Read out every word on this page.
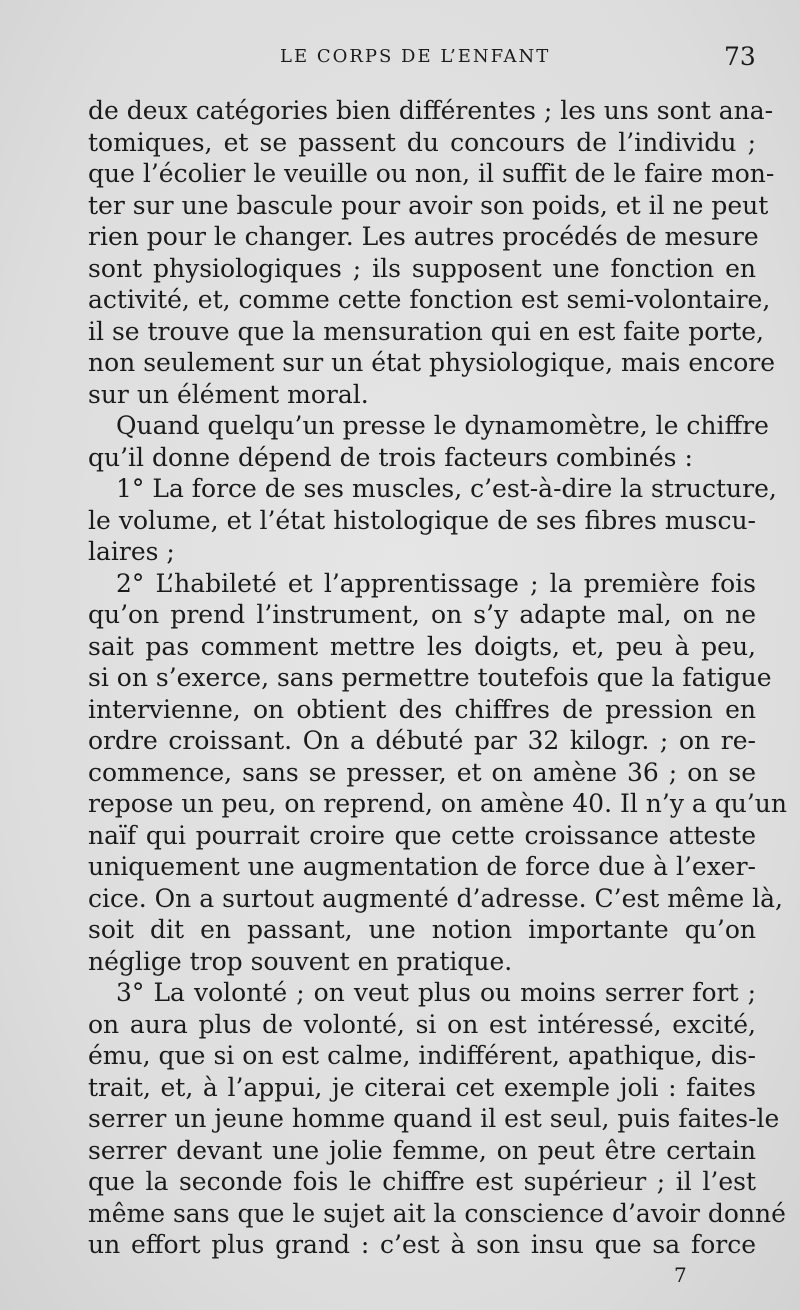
LE CORPS DE L’ENFANT	73
de deux catégories bien différentes ; les uns sont ana-
tomiques, et se passent du concours de l’individu ;
que l’écolier le veuille ou non, il suffit de le faire mon-
ter sur une bascule pour avoir son poids, et il ne peut
rien pour le changer. Les autres procédés de mesure
sont physiologiques ; ils supposent une fonction en
activité, et, comme cette fonction est semi-volontaire,
il se trouve que la mensuration qui en est faite porte,
non seulement sur un état physiologique, mais encore
sur un élément moral.
Quand quelqu’un presse le dynamomètre, le chiffre
qu’il donne dépend de trois facteurs combinés :
1° La force de ses muscles, c’est-à-dire la structure,
le volume, et l’état histologique de ses fibres muscu-
laires ;
2° L’habileté et l’apprentissage ; la première fois
qu’on prend l’instrument, on s’y adapte mal, on ne
sait pas comment mettre les doigts, et, peu à peu,
si on s’exerce, sans permettre toutefois que la fatigue
intervienne, on obtient des chiffres de pression en
ordre croissant. On a débuté par 32 kilogr. ; on re-
commence, sans se presser, et on amène 36 ; on se
repose un peu, on reprend, on amène 40. Il n’y a qu’un
naïf qui pourrait croire que cette croissance atteste
uniquement une augmentation de force due à l’exer-
cice. On a surtout augmenté d’adresse. C’est même là,
soit dit en passant, une notion importante qu’on
néglige trop souvent en pratique.
3° La volonté ; on veut plus ou moins serrer fort ;
on aura plus de volonté, si on est intéressé, excité,
ému, que si on est calme, indifférent, apathique, dis-
trait, et, à l’appui, je citerai cet exemple joli : faites
serrer un jeune homme quand il est seul, puis faites-le
serrer devant une jolie femme, on peut être certain
que la seconde fois le chiffre est supérieur ; il l’est
même sans que le sujet ait la conscience d’avoir donné
un effort plus grand : c’est à son insu que sa force
7
